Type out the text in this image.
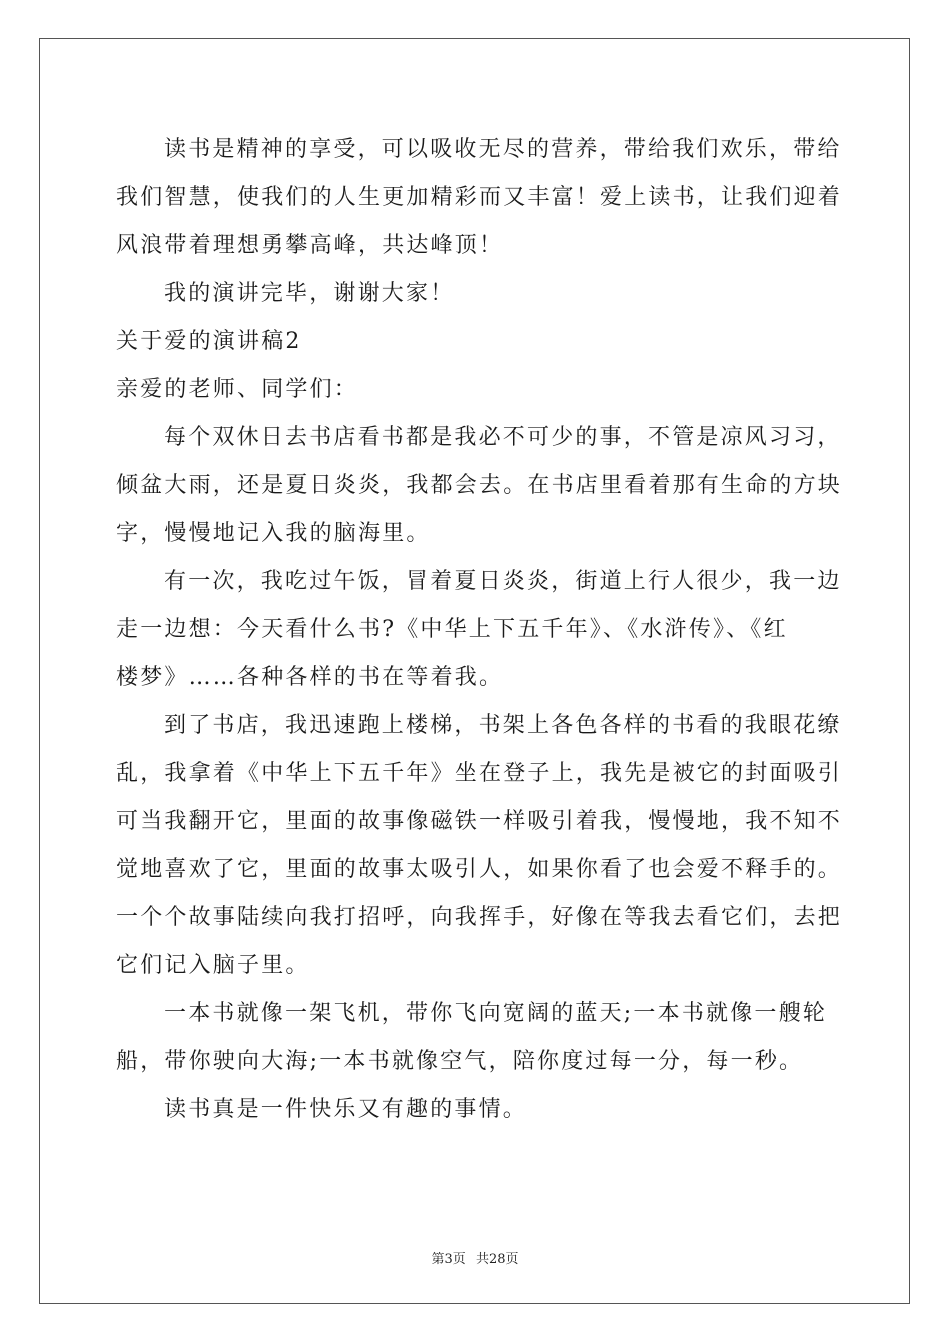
读书是精神的享受，可以吸收无尽的营养，带给我们欢乐，带给
我们智慧，使我们的人生更加精彩而又丰富！爱上读书，让我们迎着
风浪带着理想勇攀高峰，共达峰顶！
我的演讲完毕，谢谢大家！
关于爱的演讲稿2
亲爱的老师、同学们：
每个双休日去书店看书都是我必不可少的事，不管是凉风习习，
倾盆大雨，还是夏日炎炎，我都会去。在书店里看着那有生命的方块
字，慢慢地记入我的脑海里。
有一次，我吃过午饭，冒着夏日炎炎，街道上行人很少，我一边
走一边想：今天看什么书?《中华上下五千年》、《水浒传》、《红
楼梦》……各种各样的书在等着我。
到了书店，我迅速跑上楼梯，书架上各色各样的书看的我眼花缭
乱，我拿着《中华上下五千年》坐在登子上，我先是被它的封面吸引
可当我翻开它，里面的故事像磁铁一样吸引着我，慢慢地，我不知不
觉地喜欢了它，里面的故事太吸引人，如果你看了也会爱不释手的。
一个个故事陆续向我打招呼，向我挥手，好像在等我去看它们，去把
它们记入脑子里。
一本书就像一架飞机，带你飞向宽阔的蓝天;一本书就像一艘轮
船，带你驶向大海;一本书就像空气，陪你度过每一分，每一秒。
读书真是一件快乐又有趣的事情。
第3页 共28页
